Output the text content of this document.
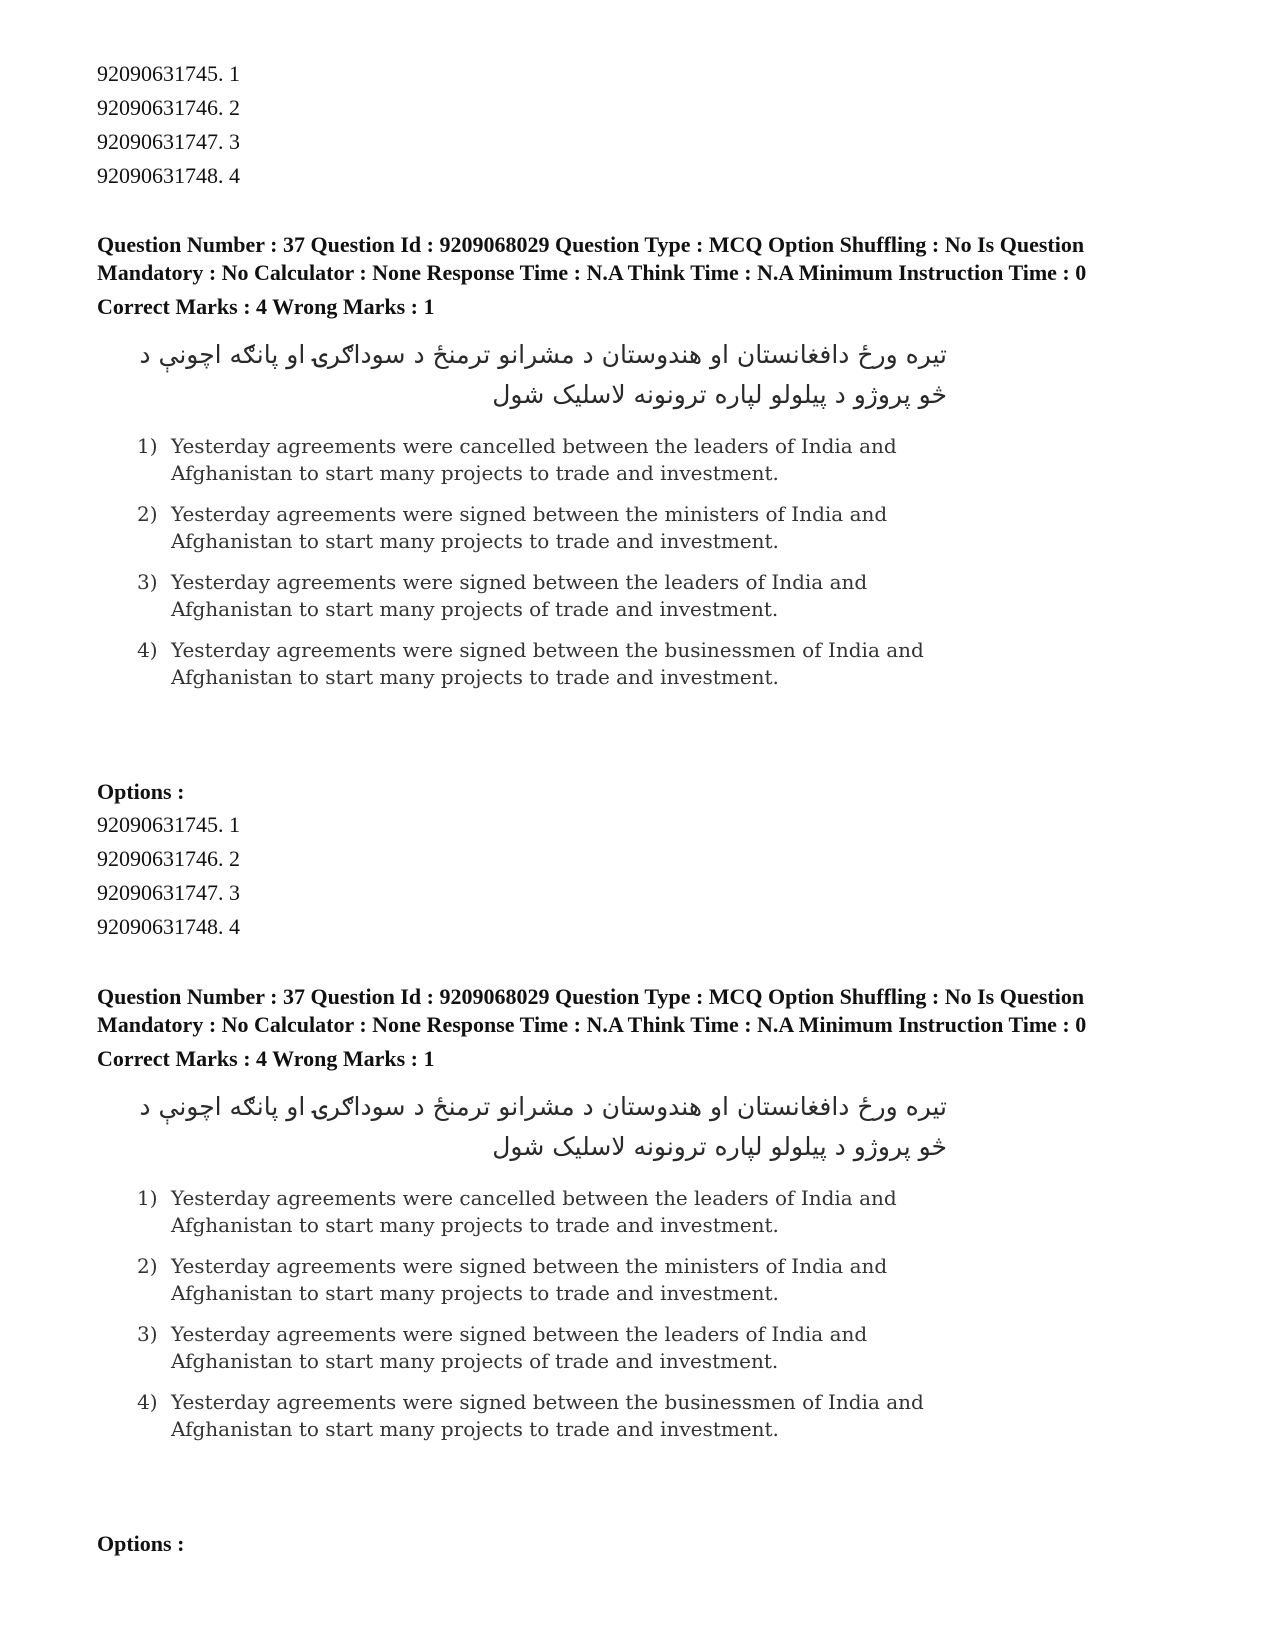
92090631745. 1

92090631746. 2

92090631747. 3

92090631748. 4

Question Number : 37 Question Id : 9209068029 Question Type : MCQ Option Shuffling : No Is Question Mandatory : No Calculator : None Response Time : N.A Think Time : N.A Minimum Instruction Time : 0

Correct Marks : 4 Wrong Marks : 1

تیره ورځ دافغانستان او هندوستان د مشرانو ترمنځ د سوداګرۍ او پانګه اچونې د

څو پروژو د پیلولو لپاره ترونونه لاسلیک شول

1) Yesterday agreements were cancelled between the leaders of India and Afghanistan to start many projects to trade and investment.
2) Yesterday agreements were signed between the ministers of India and Afghanistan to start many projects to trade and investment.
3) Yesterday agreements were signed between the leaders of India and Afghanistan to start many projects of trade and investment.
4) Yesterday agreements were signed between the businessmen of India and Afghanistan to start many projects to trade and investment.

Options :

92090631745. 1

92090631746. 2

92090631747. 3

92090631748. 4

Question Number : 37 Question Id : 9209068029 Question Type : MCQ Option Shuffling : No Is Question Mandatory : No Calculator : None Response Time : N.A Think Time : N.A Minimum Instruction Time : 0

Correct Marks : 4 Wrong Marks : 1

تیره ورځ دافغانستان او هندوستان د مشرانو ترمنځ د سوداګرۍ او پانګه اچونې د

څو پروژو د پیلولو لپاره ترونونه لاسلیک شول

1) Yesterday agreements were cancelled between the leaders of India and Afghanistan to start many projects to trade and investment.
2) Yesterday agreements were signed between the ministers of India and Afghanistan to start many projects to trade and investment.
3) Yesterday agreements were signed between the leaders of India and Afghanistan to start many projects of trade and investment.
4) Yesterday agreements were signed between the businessmen of India and Afghanistan to start many projects to trade and investment.

Options :
